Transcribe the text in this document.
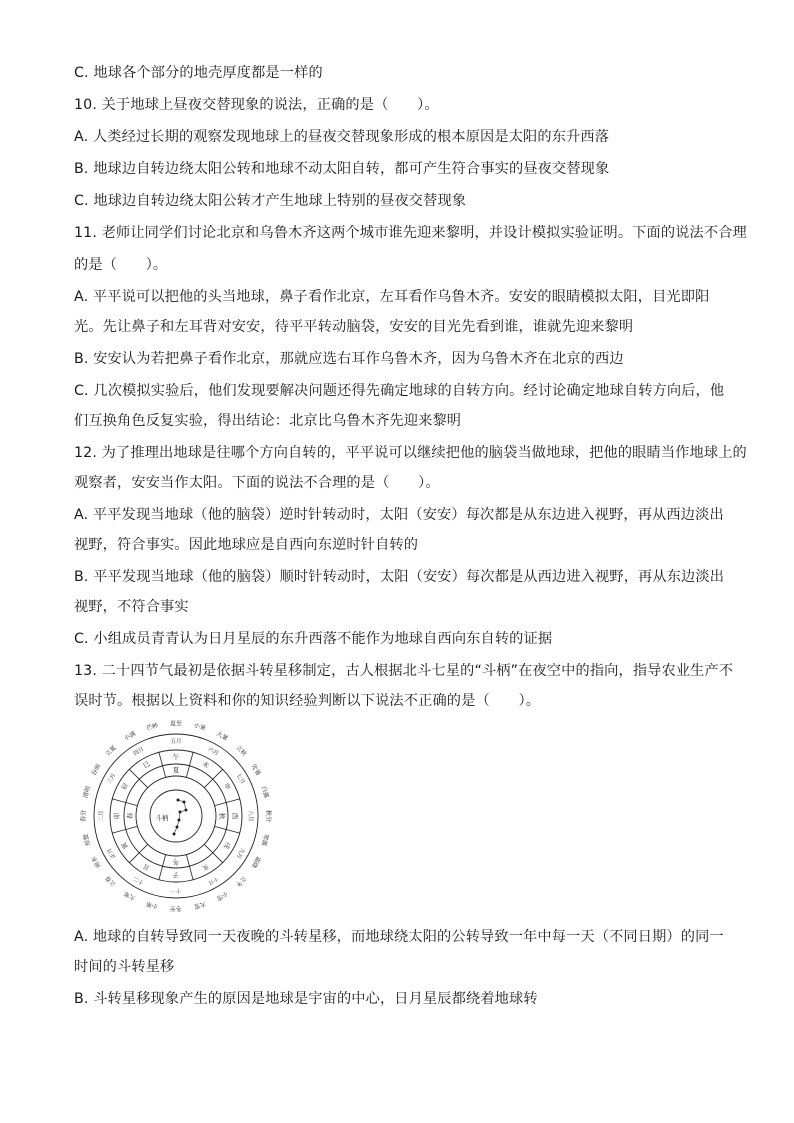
C. 地球各个部分的地壳厚度都是一样的
10. 关于地球上昼夜交替现象的说法，正确的是（　　）。
A. 人类经过长期的观察发现地球上的昼夜交替现象形成的根本原因是太阳的东升西落
B. 地球边自转边绕太阳公转和地球不动太阳自转，都可产生符合事实的昼夜交替现象
C. 地球边自转边绕太阳公转才产生地球上特别的昼夜交替现象
11. 老师让同学们讨论北京和乌鲁木齐这两个城市谁先迎来黎明，并设计模拟实验证明。下面的说法不合理
的是（　　）。
A. 平平说可以把他的头当地球，鼻子看作北京，左耳看作乌鲁木齐。安安的眼睛模拟太阳，目光即阳
光。先让鼻子和左耳背对安安，待平平转动脑袋，安安的目光先看到谁，谁就先迎来黎明
B. 安安认为若把鼻子看作北京，那就应选右耳作乌鲁木齐，因为乌鲁木齐在北京的西边
C. 几次模拟实验后，他们发现要解决问题还得先确定地球的自转方向。经讨论确定地球自转方向后，他
们互换角色反复实验，得出结论：北京比乌鲁木齐先迎来黎明
12. 为了推理出地球是往哪个方向自转的，平平说可以继续把他的脑袋当做地球，把他的眼睛当作地球上的
观察者，安安当作太阳。下面的说法不合理的是（　　）。
A. 平平发现当地球（他的脑袋）逆时针转动时，太阳（安安）每次都是从东边进入视野，再从西边淡出
视野，符合事实。因此地球应是自西向东逆时针自转的
B. 平平发现当地球（他的脑袋）顺时针转动时，太阳（安安）每次都是从西边进入视野，再从东边淡出
视野，不符合事实
C. 小组成员青青认为日月星辰的东升西落不能作为地球自西向东自转的证据
13. 二十四节气最初是依据斗转星移制定，古人根据北斗七星的“斗柄”在夜空中的指向，指导农业生产不
误时节。根据以上资料和你的知识经验判断以下说法不正确的是（　　）。
A. 地球的自转导致同一天夜晚的斗转星移，而地球绕太阳的公转导致一年中每一天（不同日期）的同一
时间的斗转星移
B. 斗转星移现象产生的原因是地球是宇宙的中心，日月星辰都绕着地球转
夏至 小暑
大暑
立秋
处暑
白露
秋分
寒露
霜降
立冬
小雪
大雪
冬至
小寒
大寒
立春
雨水
惊蛰
春分
清明
谷雨
立夏
小满
芒种
五月
六月
七月
八月
九月
十月
十一
十二
正月
二月
三月
四月	午
未
申
酉
戌
亥
子
丑
寅
卯
辰
巳
夏
秋
冬
春	斗柄
